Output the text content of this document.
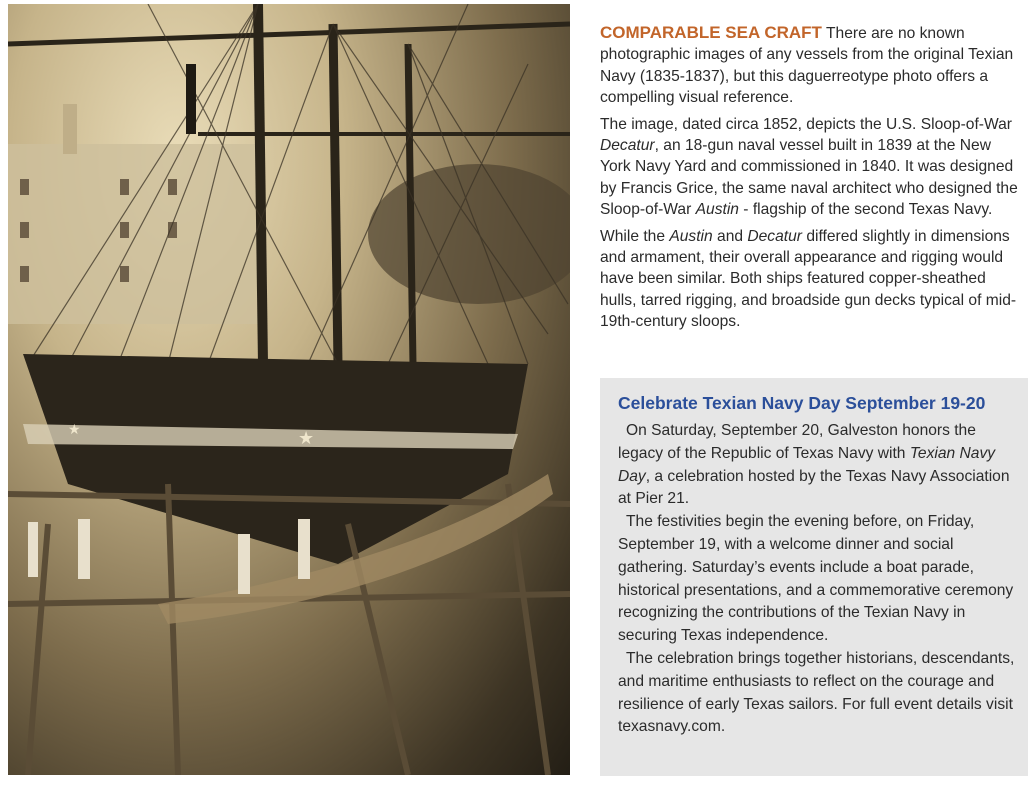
★
★

COMPARABLE SEA CRAFT There are no known photographic images of any vessels from the original Texian Navy (1835-1837), but this daguerreotype photo offers a compelling visual reference.

The image, dated circa 1852, depicts the U.S. Sloop-of-War Decatur, an 18-gun naval vessel built in 1839 at the New York Navy Yard and commissioned in 1840. It was designed by Francis Grice, the same naval architect who designed the Sloop-of-War Austin - flagship of the second Texas Navy.

While the Austin and Decatur differed slightly in dimensions and armament, their overall appearance and rigging would have been similar. Both ships featured copper-sheathed hulls, tarred rigging, and broadside gun decks typical of mid-19th-century sloops.

Celebrate Texian Navy Day September 19-20

On Saturday, September 20, Galveston honors the legacy of the Republic of Texas Navy with Texian Navy Day, a celebration hosted by the Texas Navy Association at Pier 21.

The festivities begin the evening before, on Friday, September 19, with a welcome dinner and social gathering. Saturday’s events include a boat parade, historical presentations, and a commemorative ceremony recognizing the contributions of the Texian Navy in securing Texas independence.

The celebration brings together historians, descendants, and maritime enthusiasts to reflect on the courage and resilience of early Texas sailors. For full event details visit texasnavy.com.
